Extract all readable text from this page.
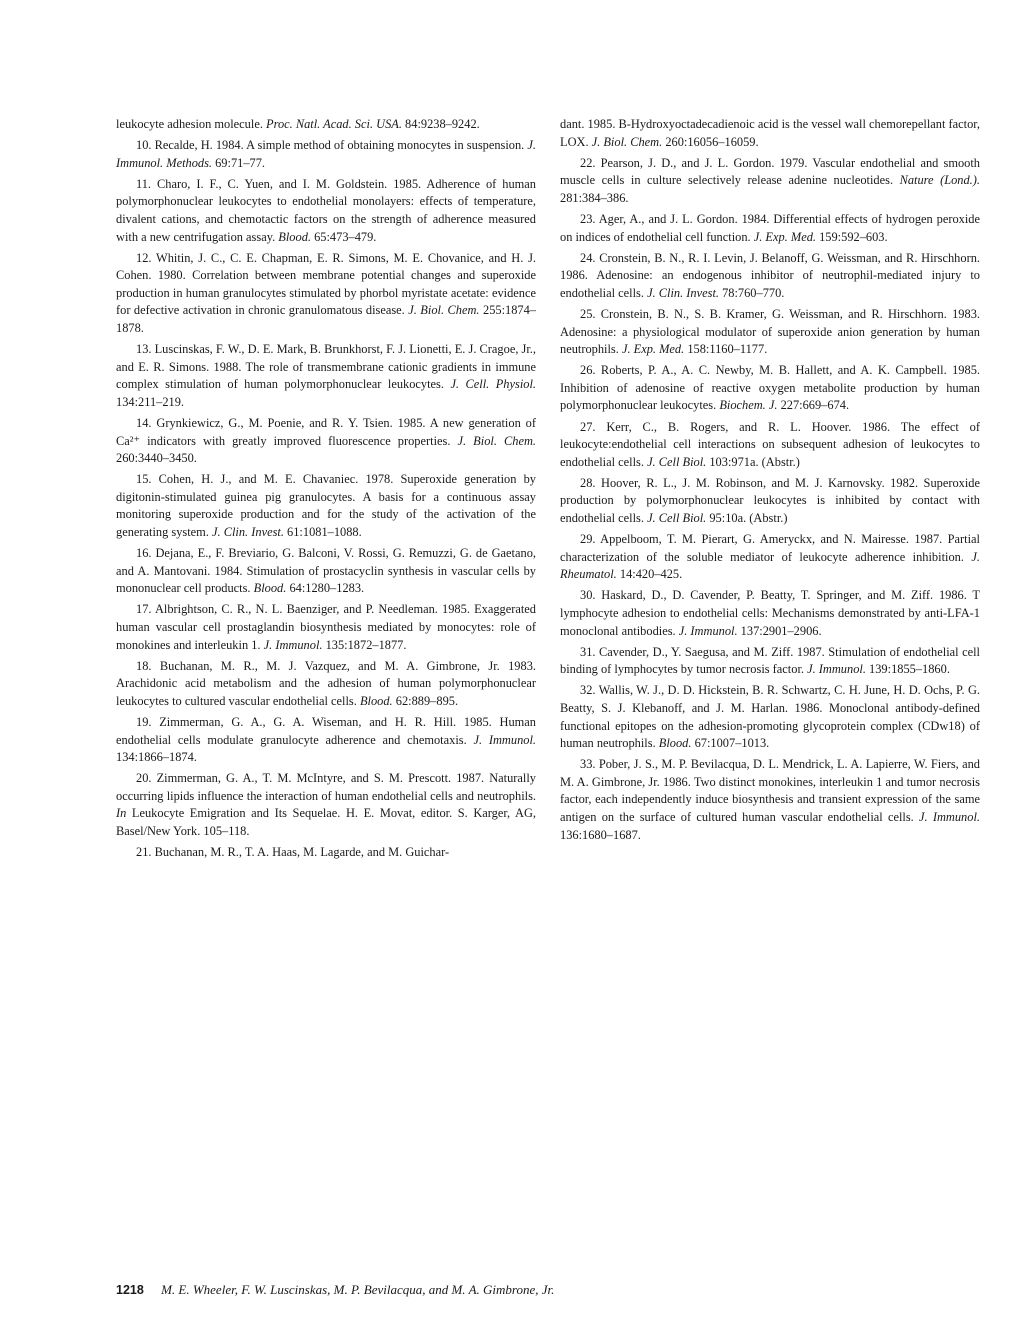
leukocyte adhesion molecule. Proc. Natl. Acad. Sci. USA. 84:9238–9242.

10. Recalde, H. 1984. A simple method of obtaining monocytes in suspension. J. Immunol. Methods. 69:71–77.

11. Charo, I. F., C. Yuen, and I. M. Goldstein. 1985. Adherence of human polymorphonuclear leukocytes to endothelial monolayers: effects of temperature, divalent cations, and chemotactic factors on the strength of adherence measured with a new centrifugation assay. Blood. 65:473–479.

12. Whitin, J. C., C. E. Chapman, E. R. Simons, M. E. Chovanice, and H. J. Cohen. 1980. Correlation between membrane potential changes and superoxide production in human granulocytes stimulated by phorbol myristate acetate: evidence for defective activation in chronic granulomatous disease. J. Biol. Chem. 255:1874–1878.

13. Luscinskas, F. W., D. E. Mark, B. Brunkhorst, F. J. Lionetti, E. J. Cragoe, Jr., and E. R. Simons. 1988. The role of transmembrane cationic gradients in immune complex stimulation of human polymorphonuclear leukocytes. J. Cell. Physiol. 134:211–219.

14. Grynkiewicz, G., M. Poenie, and R. Y. Tsien. 1985. A new generation of Ca²⁺ indicators with greatly improved fluorescence properties. J. Biol. Chem. 260:3440–3450.

15. Cohen, H. J., and M. E. Chavaniec. 1978. Superoxide generation by digitonin-stimulated guinea pig granulocytes. A basis for a continuous assay monitoring superoxide production and for the study of the activation of the generating system. J. Clin. Invest. 61:1081–1088.

16. Dejana, E., F. Breviario, G. Balconi, V. Rossi, G. Remuzzi, G. de Gaetano, and A. Mantovani. 1984. Stimulation of prostacyclin synthesis in vascular cells by mononuclear cell products. Blood. 64:1280–1283.

17. Albrightson, C. R., N. L. Baenziger, and P. Needleman. 1985. Exaggerated human vascular cell prostaglandin biosynthesis mediated by monocytes: role of monokines and interleukin 1. J. Immunol. 135:1872–1877.

18. Buchanan, M. R., M. J. Vazquez, and M. A. Gimbrone, Jr. 1983. Arachidonic acid metabolism and the adhesion of human polymorphonuclear leukocytes to cultured vascular endothelial cells. Blood. 62:889–895.

19. Zimmerman, G. A., G. A. Wiseman, and H. R. Hill. 1985. Human endothelial cells modulate granulocyte adherence and chemotaxis. J. Immunol. 134:1866–1874.

20. Zimmerman, G. A., T. M. McIntyre, and S. M. Prescott. 1987. Naturally occurring lipids influence the interaction of human endothelial cells and neutrophils. In Leukocyte Emigration and Its Sequelae. H. E. Movat, editor. S. Karger, AG, Basel/New York. 105–118.

21. Buchanan, M. R., T. A. Haas, M. Lagarde, and M. Guichar-

dant. 1985. B-Hydroxyoctadecadienoic acid is the vessel wall chemorepellant factor, LOX. J. Biol. Chem. 260:16056–16059.

22. Pearson, J. D., and J. L. Gordon. 1979. Vascular endothelial and smooth muscle cells in culture selectively release adenine nucleotides. Nature (Lond.). 281:384–386.

23. Ager, A., and J. L. Gordon. 1984. Differential effects of hydrogen peroxide on indices of endothelial cell function. J. Exp. Med. 159:592–603.

24. Cronstein, B. N., R. I. Levin, J. Belanoff, G. Weissman, and R. Hirschhorn. 1986. Adenosine: an endogenous inhibitor of neutrophil-mediated injury to endothelial cells. J. Clin. Invest. 78:760–770.

25. Cronstein, B. N., S. B. Kramer, G. Weissman, and R. Hirschhorn. 1983. Adenosine: a physiological modulator of superoxide anion generation by human neutrophils. J. Exp. Med. 158:1160–1177.

26. Roberts, P. A., A. C. Newby, M. B. Hallett, and A. K. Campbell. 1985. Inhibition of adenosine of reactive oxygen metabolite production by human polymorphonuclear leukocytes. Biochem. J. 227:669–674.

27. Kerr, C., B. Rogers, and R. L. Hoover. 1986. The effect of leukocyte:endothelial cell interactions on subsequent adhesion of leukocytes to endothelial cells. J. Cell Biol. 103:971a. (Abstr.)

28. Hoover, R. L., J. M. Robinson, and M. J. Karnovsky. 1982. Superoxide production by polymorphonuclear leukocytes is inhibited by contact with endothelial cells. J. Cell Biol. 95:10a. (Abstr.)

29. Appelboom, T. M. Pierart, G. Ameryckx, and N. Mairesse. 1987. Partial characterization of the soluble mediator of leukocyte adherence inhibition. J. Rheumatol. 14:420–425.

30. Haskard, D., D. Cavender, P. Beatty, T. Springer, and M. Ziff. 1986. T lymphocyte adhesion to endothelial cells: Mechanisms demonstrated by anti-LFA-1 monoclonal antibodies. J. Immunol. 137:2901–2906.

31. Cavender, D., Y. Saegusa, and M. Ziff. 1987. Stimulation of endothelial cell binding of lymphocytes by tumor necrosis factor. J. Immunol. 139:1855–1860.

32. Wallis, W. J., D. D. Hickstein, B. R. Schwartz, C. H. June, H. D. Ochs, P. G. Beatty, S. J. Klebanoff, and J. M. Harlan. 1986. Monoclonal antibody-defined functional epitopes on the adhesion-promoting glycoprotein complex (CDw18) of human neutrophils. Blood. 67:1007–1013.

33. Pober, J. S., M. P. Bevilacqua, D. L. Mendrick, L. A. Lapierre, W. Fiers, and M. A. Gimbrone, Jr. 1986. Two distinct monokines, interleukin 1 and tumor necrosis factor, each independently induce biosynthesis and transient expression of the same antigen on the surface of cultured human vascular endothelial cells. J. Immunol. 136:1680–1687.

1218 M. E. Wheeler, F. W. Luscinskas, M. P. Bevilacqua, and M. A. Gimbrone, Jr.
